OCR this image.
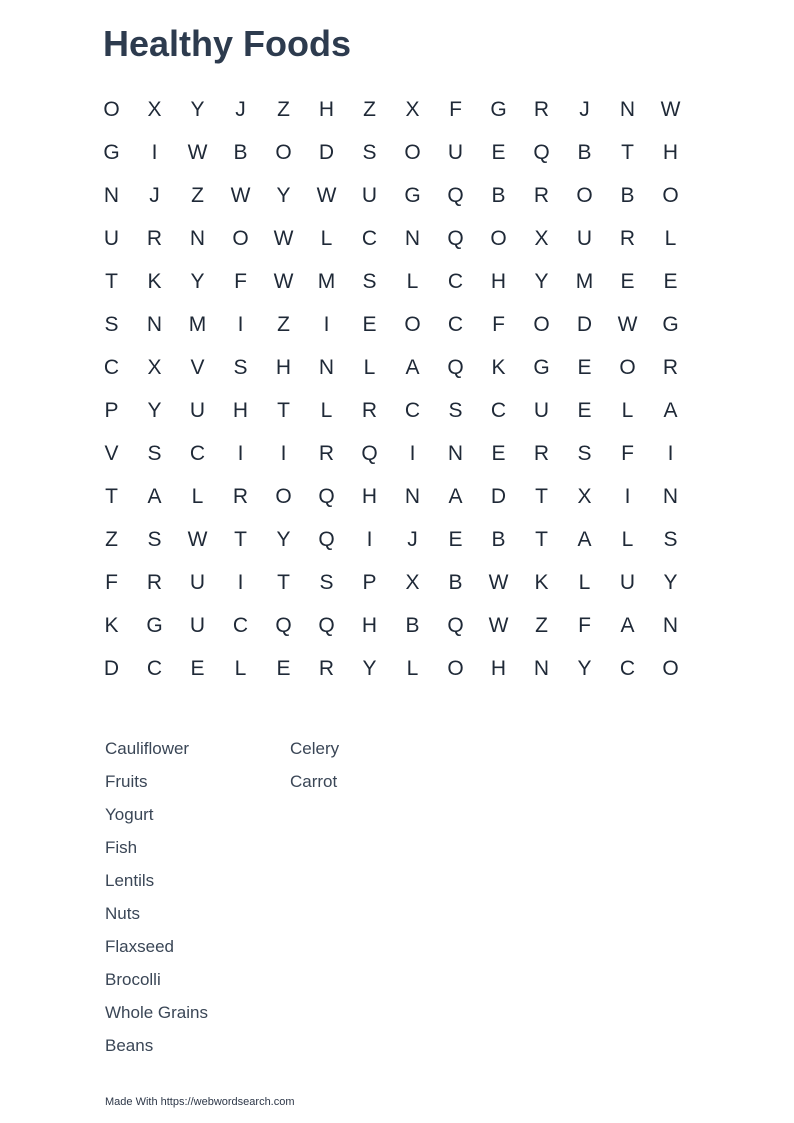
Healthy Foods
O	X	Y	J	Z	H	Z	X	F	G	R	J	N	W
G	I	W	B	O	D	S	O	U	E	Q	B	T	H
N	J	Z	W	Y	W	U	G	Q	B	R	O	B	O
U	R	N	O	W	L	C	N	Q	O	X	U	R	L
T	K	Y	F	W	M	S	L	C	H	Y	M	E	E
S	N	M	I	Z	I	E	O	C	F	O	D	W	G
C	X	V	S	H	N	L	A	Q	K	G	E	O	R
P	Y	U	H	T	L	R	C	S	C	U	E	L	A
V	S	C	I	I	R	Q	I	N	E	R	S	F	I
T	A	L	R	O	Q	H	N	A	D	T	X	I	N
Z	S	W	T	Y	Q	I	J	E	B	T	A	L	S
F	R	U	I	T	S	P	X	B	W	K	L	U	Y
K	G	U	C	Q	Q	H	B	Q	W	Z	F	A	N
D	C	E	L	E	R	Y	L	O	H	N	Y	C	O
Cauliflower
Fruits
Yogurt
Fish
Lentils
Nuts
Flaxseed
Brocolli
Whole Grains
Beans
Celery
Carrot
Made With https://webwordsearch.com
